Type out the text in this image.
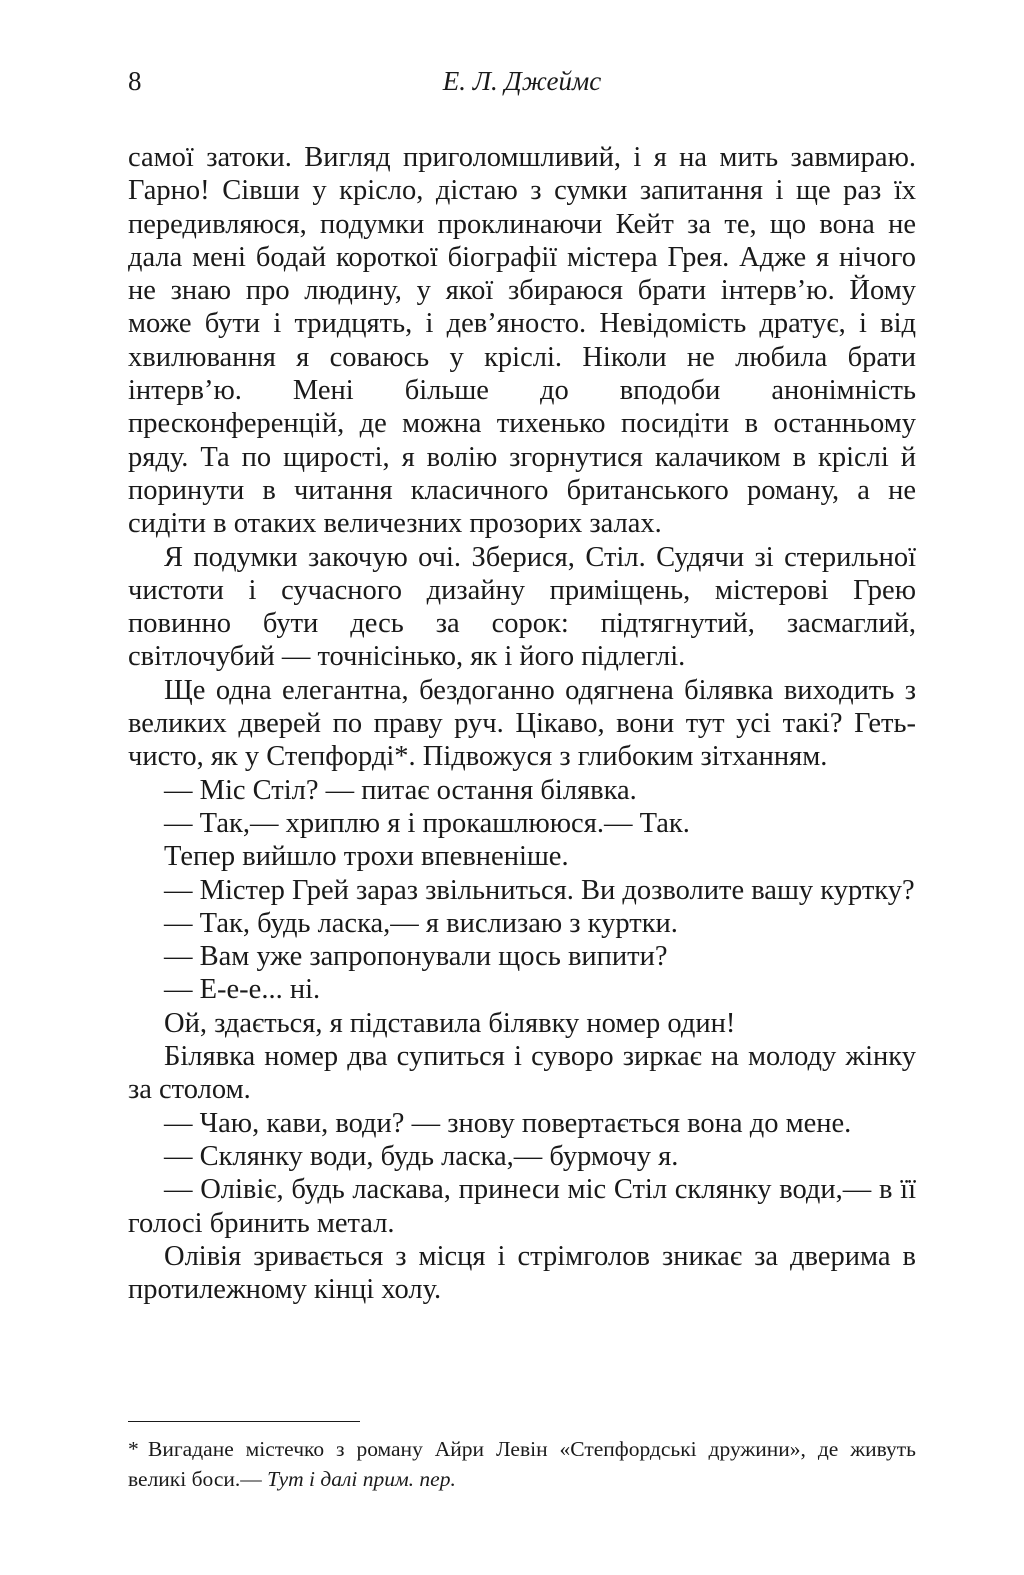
8	Е. Л. Джеймс

самої затоки. Вигляд приголомшливий, і я на мить завмираю. Гарно! Сівши у крісло, дістаю з сумки запитання і ще раз їх передивляюся, подумки проклинаючи Кейт за те, що вона не дала мені бодай короткої біографії містера Грея. Адже я нічого не знаю про людину, у якої збираюся брати інтерв’ю. Йому може бути і тридцять, і дев’яносто. Невідомість дратує, і від хвилювання я соваюсь у кріслі. Ніколи не любила брати інтерв’ю. Мені більше до вподоби анонімність пресконференцій, де можна тихенько посидіти в останньому ряду. Та по щирості, я волію згорнутися калачиком в кріслі й поринути в читання класичного британського роману, а не сидіти в отаких величезних прозорих залах.

Я подумки закочую очі. Зберися, Стіл. Судячи зі стерильної чистоти і сучасного дизайну приміщень, містерові Грею повинно бути десь за сорок: підтягнутий, засмаглий, світлочубий — точнісінько, як і його підлеглі.

Ще одна елегантна, бездоганно одягнена білявка виходить з великих дверей по праву руч. Цікаво, вони тут усі такі? Геть-чисто, як у Степфорді*. Підвожуся з глибоким зітханням.

— Міс Стіл? — питає остання білявка.

— Так,— хриплю я і прокашлююся.— Так.

Тепер вийшло трохи впевненіше.

— Містер Грей зараз звільниться. Ви дозволите вашу куртку?

— Так, будь ласка,— я вислизаю з куртки.

— Вам уже запропонували щось випити?

— Е-е-е... ні.

Ой, здається, я підставила білявку номер один!

Білявка номер два супиться і суворо зиркає на молоду жінку за столом.

— Чаю, кави, води? — знову повертається вона до мене.

— Склянку води, будь ласка,— бурмочу я.

— Олівіє, будь ласкава, принеси міс Стіл склянку води,— в її голосі бринить метал.

Олівія зривається з місця і стрімголов зникає за дверима в протилежному кінці холу.

* Вигадане містечко з роману Айри Левін «Степфордські дружини», де живуть великі боси.— Тут і далі прим. пер.
